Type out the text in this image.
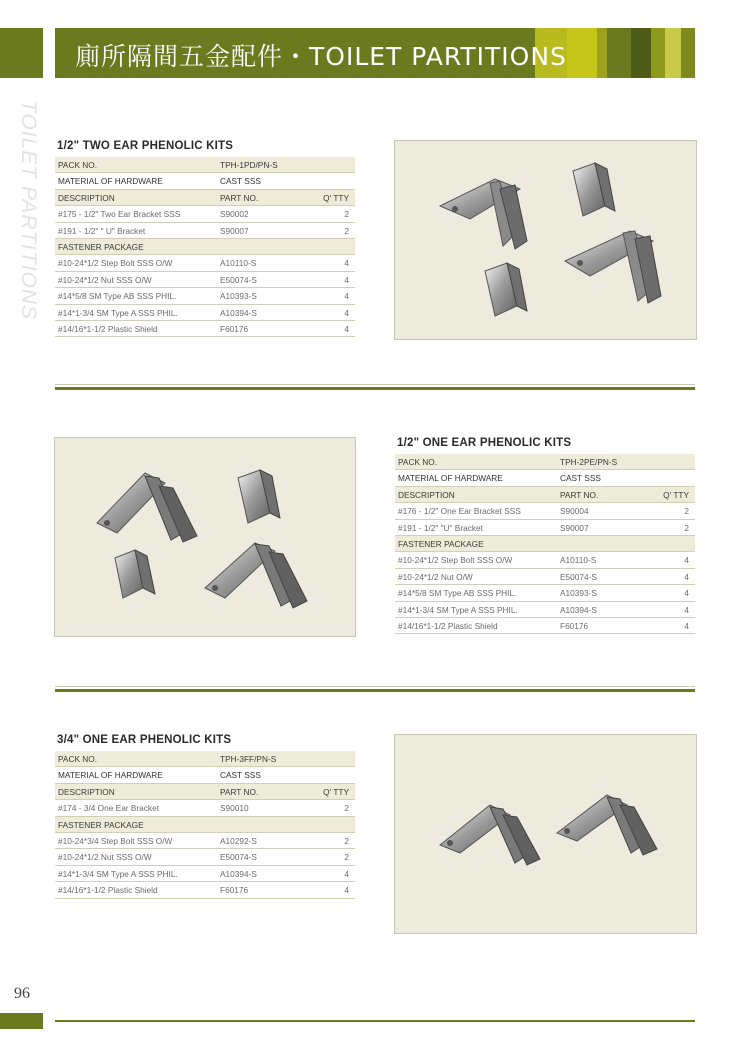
廁所隔間五金配件・TOILET PARTITIONS
TOILET PARTITIONS 1/2" TWO EAR PHENOLIC KITS
PACK NO.	TPH-1PD/PN-S
MATERIAL OF HARDWARE	CAST SSS
DESCRIPTION	PART NO.	Q' TTY
#175 - 1/2" Two Ear Bracket SSS	S90002	2
#191 - 1/2" " U" Bracket	S90007	2
FASTENER PACKAGE
#10-24*1/2 Step Bolt SSS O/W	A10110-S	4
#10-24*1/2 Nut SSS O/W	E50074-S	4
#14*5/8 SM Type AB SSS PHIL.	A10393-S	4
#14*1-3/4 SM Type A SSS PHIL.	A10394-S	4
#14/16*1-1/2 Plastic Shield	F60176	4
1/2" ONE EAR PHENOLIC KITS
PACK NO.	TPH-2PE/PN-S
MATERIAL OF HARDWARE	CAST SSS
DESCRIPTION	PART NO.	Q' TTY
#176 - 1/2" One Ear Bracket SSS	S90004	2
#191 - 1/2" "U" Bracket	S90007	2
FASTENER PACKAGE
#10-24*1/2 Step Bolt SSS O/W	A10110-S	4
#10-24*1/2 Nut O/W	E50074-S	4
#14*5/8 SM Type AB SSS PHIL.	A10393-S	4
#14*1-3/4 SM Type A SSS PHIL.	A10394-S	4
#14/16*1-1/2 Plastic Shield	F60176	4
3/4" ONE EAR PHENOLIC KITS
PACK NO.	TPH-3FF/PN-S
MATERIAL OF HARDWARE	CAST SSS
DESCRIPTION	PART NO.	Q' TTY
#174 - 3/4 One Ear Bracket	S90010	2
FASTENER PACKAGE
#10-24*3/4 Step Bolt SSS O/W	A10292-S	2
#10-24*1/2 Nut SSS O/W	E50074-S	2
#14*1-3/4 SM Type A SSS PHIL.	A10394-S	4
#14/16*1-1/2 Plastic Shield	F60176	4
96
